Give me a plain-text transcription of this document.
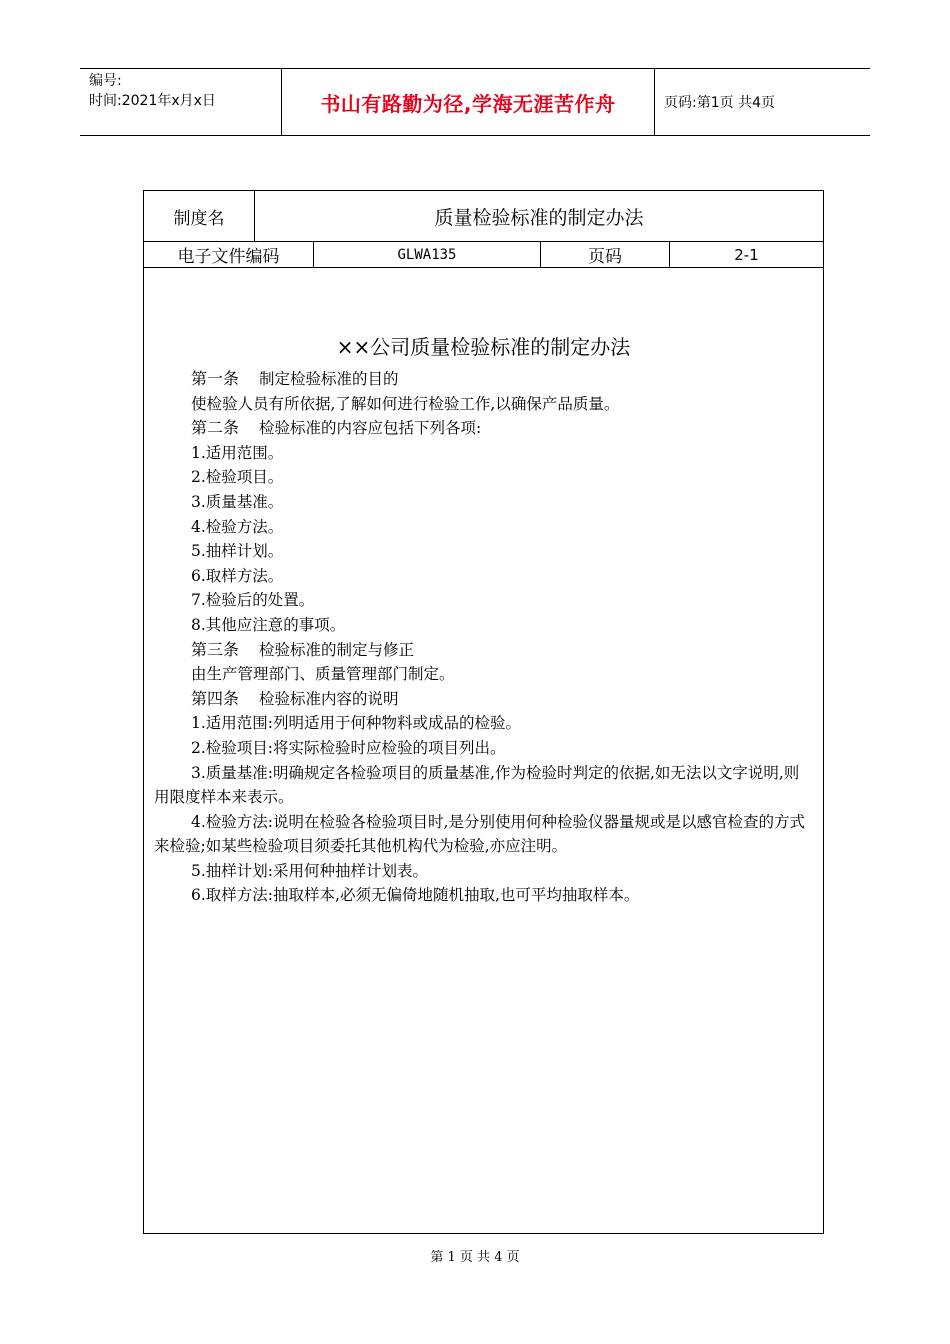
编号:
时间:2021年x月x日	书山有路勤为径,学海无涯苦作舟	页码:第1页 共4页
制度名	质量检验标准的制定办法
电子文件编码	GLWA135	页码	2-1
××公司质量检验标准的制定办法

第一条 制定检验标准的目的

使检验人员有所依据,了解如何进行检验工作,以确保产品质量。

第二条 检验标准的内容应包括下列各项:

1.适用范围。

2.检验项目。

3.质量基准。

4.检验方法。

5.抽样计划。

6.取样方法。

7.检验后的处置。

8.其他应注意的事项。

第三条 检验标准的制定与修正

由生产管理部门、质量管理部门制定。

第四条 检验标准内容的说明

1.适用范围:列明适用于何种物料或成品的检验。

2.检验项目:将实际检验时应检验的项目列出。

3.质量基准:明确规定各检验项目的质量基准,作为检验时判定的依据,如无法以文字说明,则用限度样本来表示。

4.检验方法:说明在检验各检验项目时,是分别使用何种检验仪器量规或是以感官检查的方式来检验;如某些检验项目须委托其他机构代为检验,亦应注明。

5.抽样计划:采用何种抽样计划表。

6.取样方法:抽取样本,必须无偏倚地随机抽取,也可平均抽取样本。

第 1 页 共 4 页
